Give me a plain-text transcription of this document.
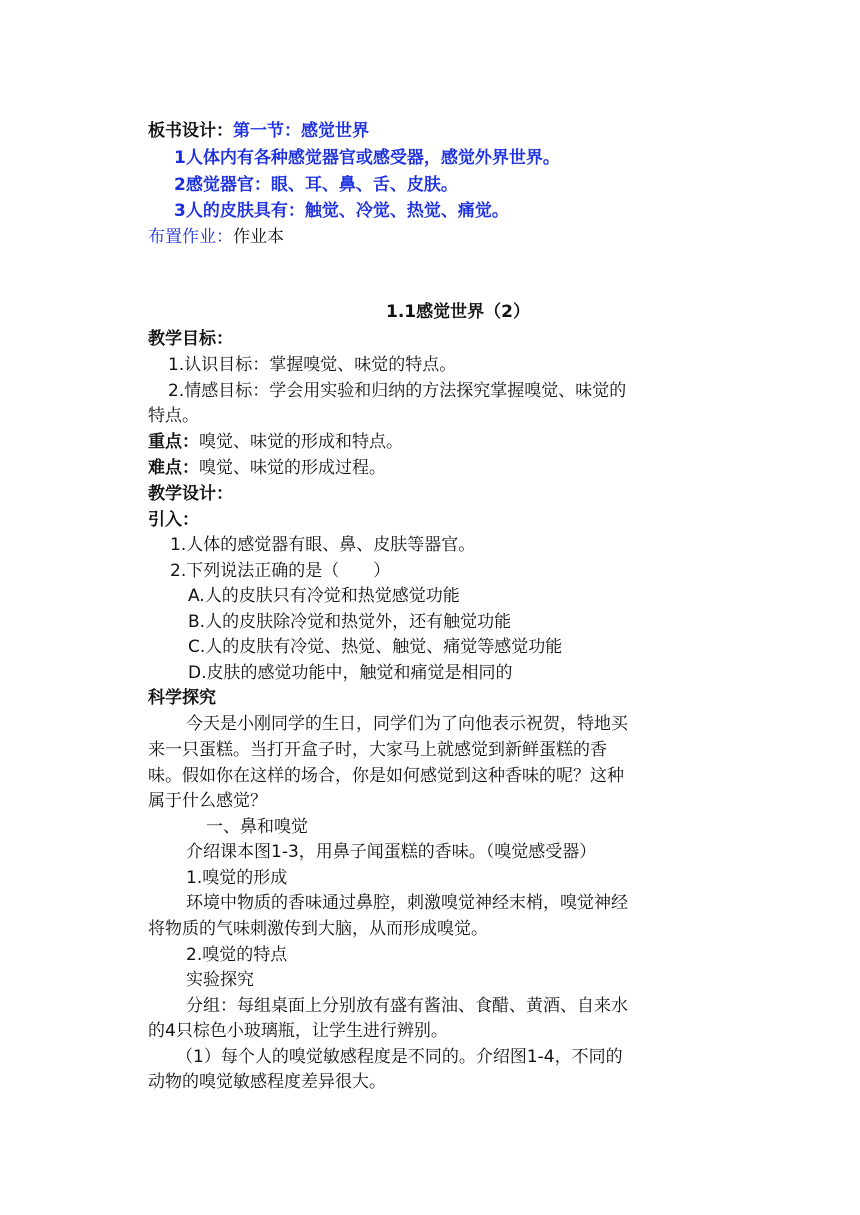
板书设计：第一节：感觉世界
1人体内有各种感觉器官或感受器，感觉外界世界。
2感觉器官：眼、耳、鼻、舌、皮肤。
3人的皮肤具有：触觉、冷觉、热觉、痛觉。
布置作业：作业本
1.1感觉世界（2）
教学目标：
1.认识目标：掌握嗅觉、味觉的特点。
2.情感目标：学会用实验和归纳的方法探究掌握嗅觉、味觉的
特点。
重点：嗅觉、味觉的形成和特点。
难点：嗅觉、味觉的形成过程。
教学设计：
引入：
1.人体的感觉器有眼、鼻、皮肤等器官。
2.下列说法正确的是（　　）
A.人的皮肤只有冷觉和热觉感觉功能
B.人的皮肤除冷觉和热觉外，还有触觉功能
C.人的皮肤有冷觉、热觉、触觉、痛觉等感觉功能
D.皮肤的感觉功能中，触觉和痛觉是相同的
科学探究
今天是小刚同学的生日，同学们为了向他表示祝贺，特地买
来一只蛋糕。当打开盒子时，大家马上就感觉到新鲜蛋糕的香
味。假如你在这样的场合，你是如何感觉到这种香味的呢？这种
属于什么感觉？
一、鼻和嗅觉
介绍课本图1-3，用鼻子闻蛋糕的香味。（嗅觉感受器）
1.嗅觉的形成
环境中物质的香味通过鼻腔，刺激嗅觉神经末梢，嗅觉神经
将物质的气味刺激传到大脑，从而形成嗅觉。
2.嗅觉的特点
实验探究
分组：每组桌面上分别放有盛有酱油、食醋、黄酒、自来水
的4只棕色小玻璃瓶，让学生进行辨别。
（1）每个人的嗅觉敏感程度是不同的。介绍图1-4，不同的
动物的嗅觉敏感程度差异很大。
